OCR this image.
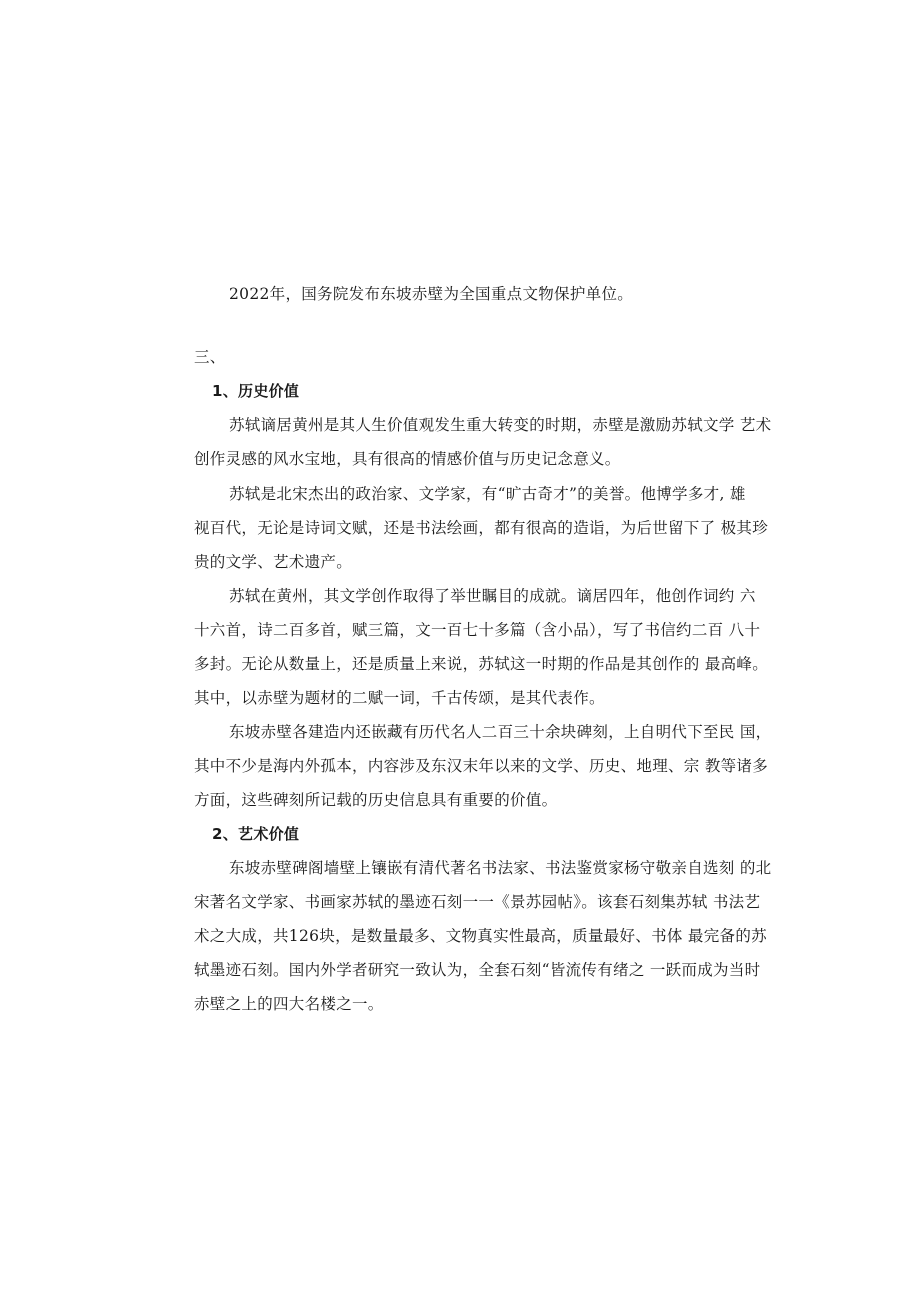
2022年，国务院发布东坡赤壁为全国重点文物保护单位。
三、
1、历史价值
苏轼谪居黄州是其人生价值观发生重大转变的时期，赤壁是激励苏轼文学 艺术
创作灵感的风水宝地，具有很高的情感价值与历史记念意义。
苏轼是北宋杰出的政治家、文学家，有“旷古奇才”的美誉。他博学多才, 雄
视百代，无论是诗词文赋，还是书法绘画，都有很高的造诣，为后世留下了 极其珍
贵的文学、艺术遗产。
苏轼在黄州，其文学创作取得了举世瞩目的成就。谪居四年，他创作词约 六
十六首，诗二百多首，赋三篇，文一百七十多篇（含小品），写了书信约二百 八十
多封。无论从数量上，还是质量上来说，苏轼这一时期的作品是其创作的 最高峰。
其中，以赤壁为题材的二赋一词，千古传颂，是其代表作。
东坡赤壁各建造内还嵌藏有历代名人二百三十余块碑刻，上自明代下至民 国，
其中不少是海内外孤本，内容涉及东汉末年以来的文学、历史、地理、宗 教等诸多
方面，这些碑刻所记载的历史信息具有重要的价值。
2、艺术价值
东坡赤壁碑阁墙壁上镶嵌有清代著名书法家、书法鉴赏家杨守敬亲自选刻 的北
宋著名文学家、书画家苏轼的墨迹石刻一一《景苏园帖》。该套石刻集苏轼 书法艺
术之大成，共126块，是数量最多、文物真实性最高，质量最好、书体 最完备的苏
轼墨迹石刻。国内外学者研究一致认为，全套石刻“皆流传有绪之 一跃而成为当时
赤壁之上的四大名楼之一。
